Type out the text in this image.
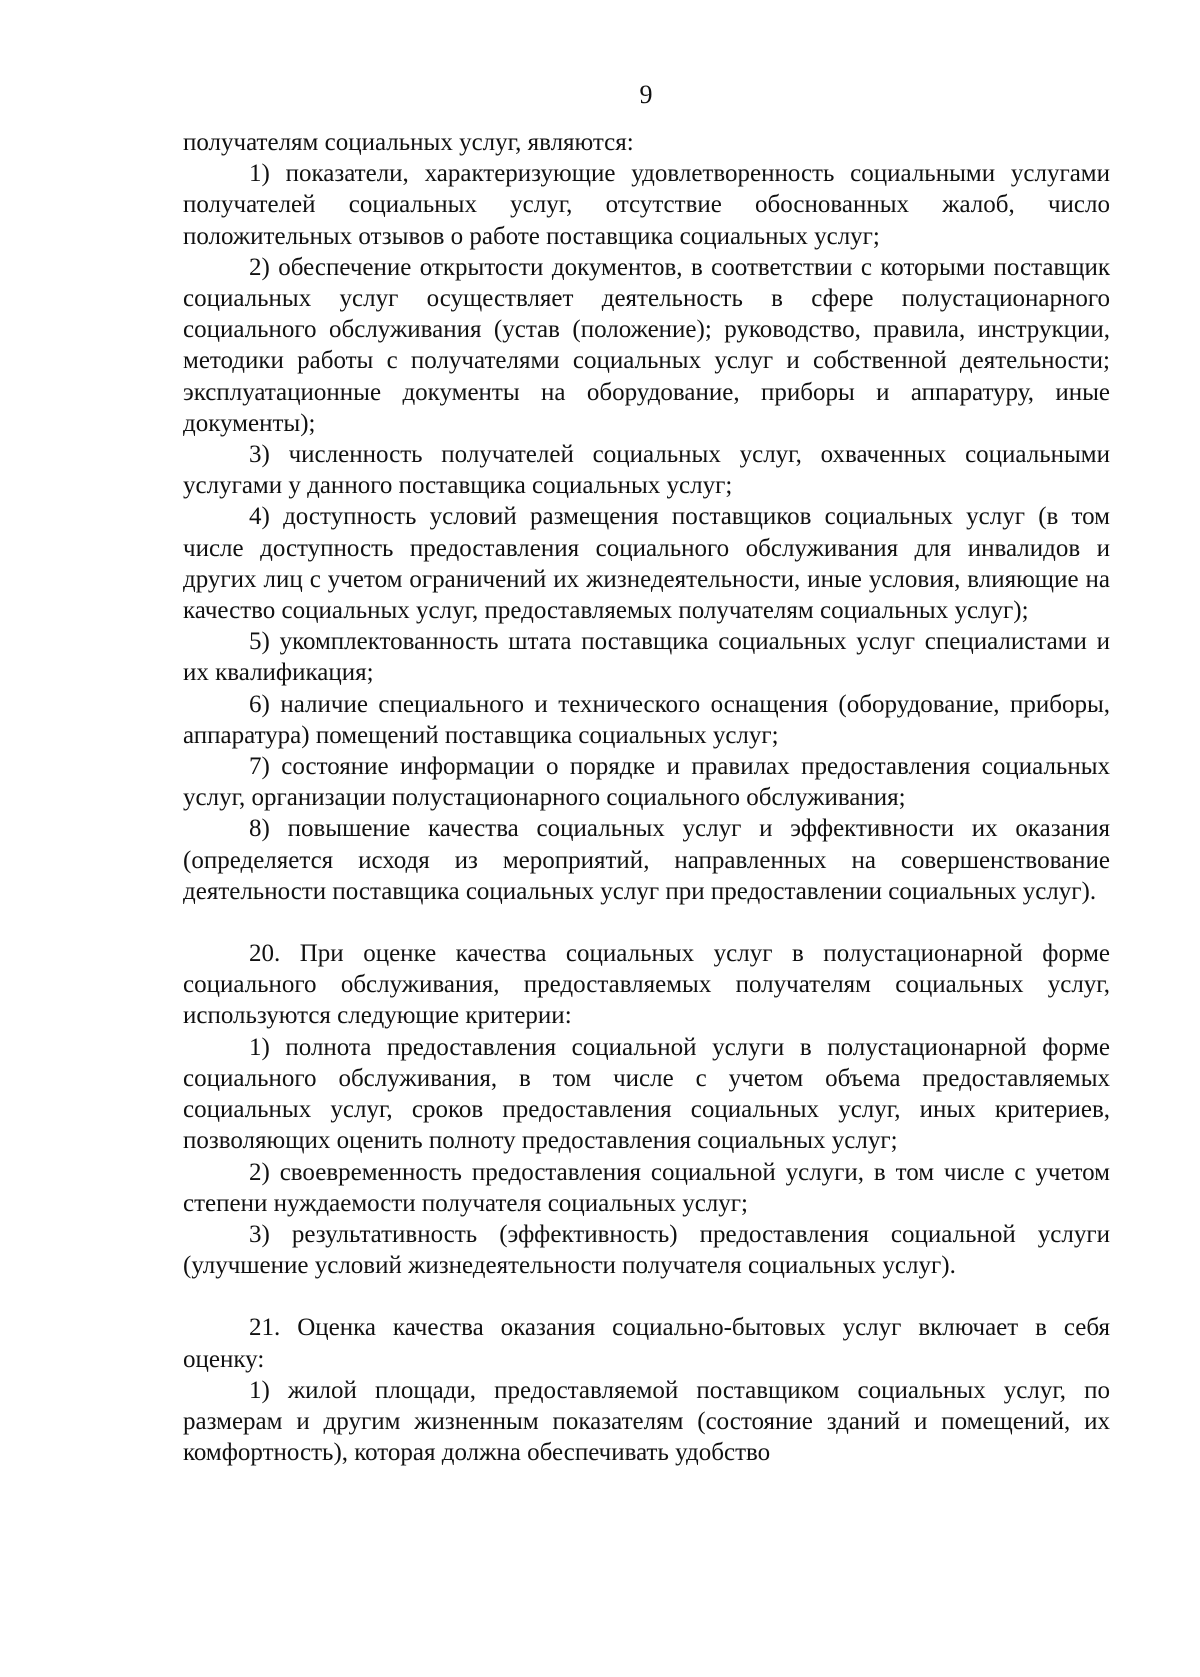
9

получателям социальных услуг, являются:

1) показатели, характеризующие удовлетворенность социальными услугами получателей социальных услуг, отсутствие обоснованных жалоб, число положительных отзывов о работе поставщика социальных услуг;

2) обеспечение открытости документов, в соответствии с которыми поставщик социальных услуг осуществляет деятельность в сфере полустационарного социального обслуживания (устав (положение); руководство, правила, инструкции, методики работы с получателями социальных услуг и собственной деятельности; эксплуатационные документы на оборудование, приборы и аппаратуру, иные документы);

3) численность получателей социальных услуг, охваченных социальными услугами у данного поставщика социальных услуг;

4) доступность условий размещения поставщиков социальных услуг (в том числе доступность предоставления социального обслуживания для инвалидов и других лиц с учетом ограничений их жизнедеятельности, иные условия, влияющие на качество социальных услуг, предоставляемых получателям социальных услуг);

5) укомплектованность штата поставщика социальных услуг специалистами и их квалификация;

6) наличие специального и технического оснащения (оборудование, приборы, аппаратура) помещений поставщика социальных услуг;

7) состояние информации о порядке и правилах предоставления социальных услуг, организации полустационарного социального обслуживания;

8) повышение качества социальных услуг и эффективности их оказания (определяется исходя из мероприятий, направленных на совершенствование деятельности поставщика социальных услуг при предоставлении социальных услуг).

20. При оценке качества социальных услуг в полустационарной форме социального обслуживания, предоставляемых получателям социальных услуг, используются следующие критерии:

1) полнота предоставления социальной услуги в полустационарной форме социального обслуживания, в том числе с учетом объема предоставляемых социальных услуг, сроков предоставления социальных услуг, иных критериев, позволяющих оценить полноту предоставления социальных услуг;

2) своевременность предоставления социальной услуги, в том числе с учетом степени нуждаемости получателя социальных услуг;

3) результативность (эффективность) предоставления социальной услуги (улучшение условий жизнедеятельности получателя социальных услуг).

21. Оценка качества оказания социально-бытовых услуг включает в себя оценку:

1) жилой площади, предоставляемой поставщиком социальных услуг, по размерам и другим жизненным показателям (состояние зданий и помещений, их комфортность), которая должна обеспечивать удобство
